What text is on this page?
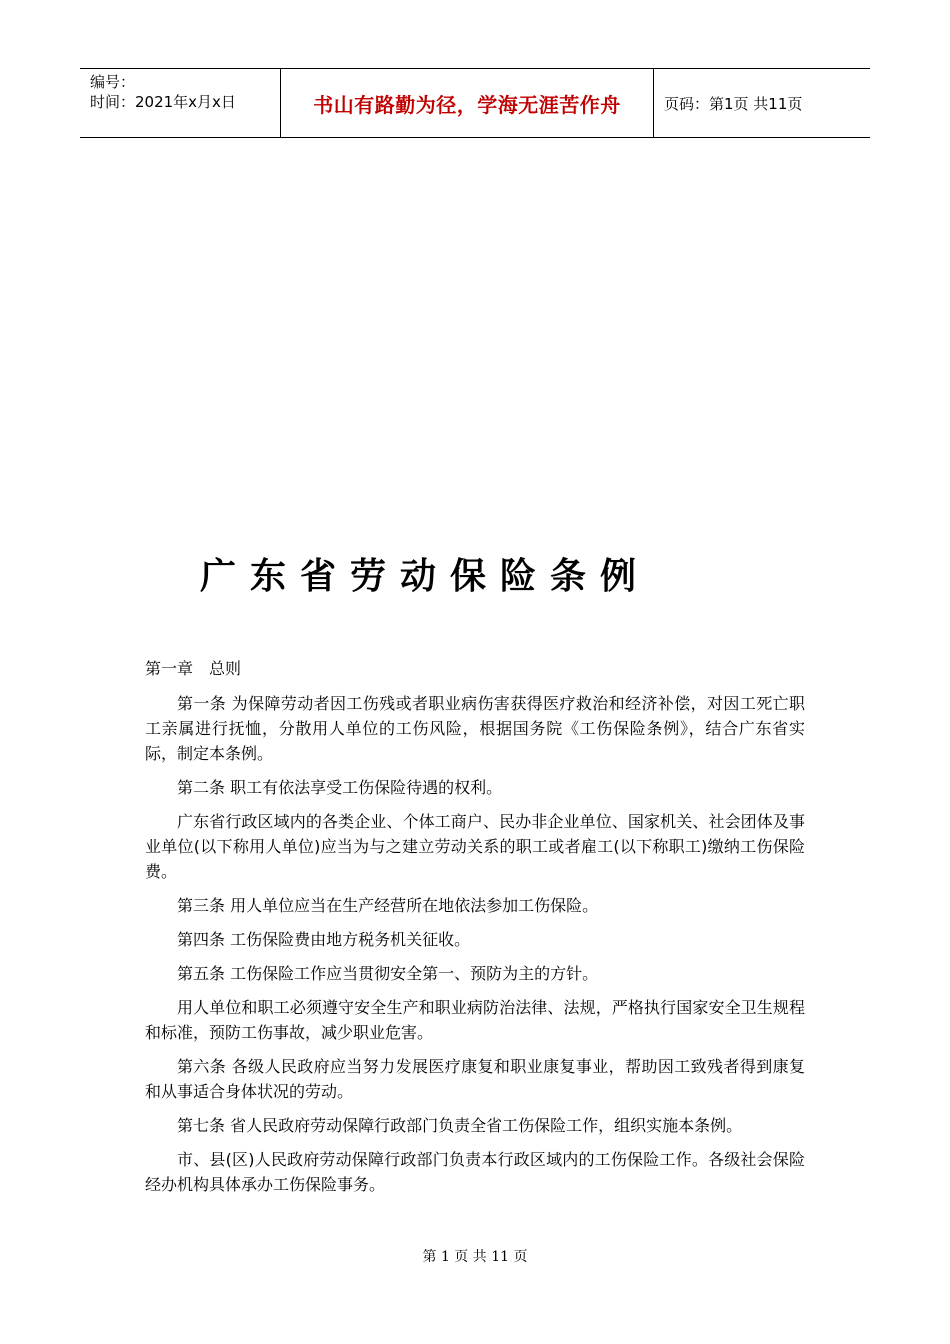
编号：
时间：2021年x月x日	书山有路勤为径，学海无涯苦作舟	页码：第1页 共11页
广东省劳动保险条例
第一章 总则

第一条 为保障劳动者因工伤残或者职业病伤害获得医疗救治和经济补偿，对因工死亡职工亲属进行抚恤，分散用人单位的工伤风险，根据国务院《工伤保险条例》，结合广东省实际，制定本条例。

第二条 职工有依法享受工伤保险待遇的权利。

广东省行政区域内的各类企业、个体工商户、民办非企业单位、国家机关、社会团体及事业单位(以下称用人单位)应当为与之建立劳动关系的职工或者雇工(以下称职工)缴纳工伤保险费。

第三条 用人单位应当在生产经营所在地依法参加工伤保险。

第四条 工伤保险费由地方税务机关征收。

第五条 工伤保险工作应当贯彻安全第一、预防为主的方针。

用人单位和职工必须遵守安全生产和职业病防治法律、法规，严格执行国家安全卫生规程和标准，预防工伤事故，减少职业危害。

第六条 各级人民政府应当努力发展医疗康复和职业康复事业，帮助因工致残者得到康复和从事适合身体状况的劳动。

第七条 省人民政府劳动保障行政部门负责全省工伤保险工作，组织实施本条例。

市、县(区)人民政府劳动保障行政部门负责本行政区域内的工伤保险工作。各级社会保险经办机构具体承办工伤保险事务。

第 1 页 共 11 页
